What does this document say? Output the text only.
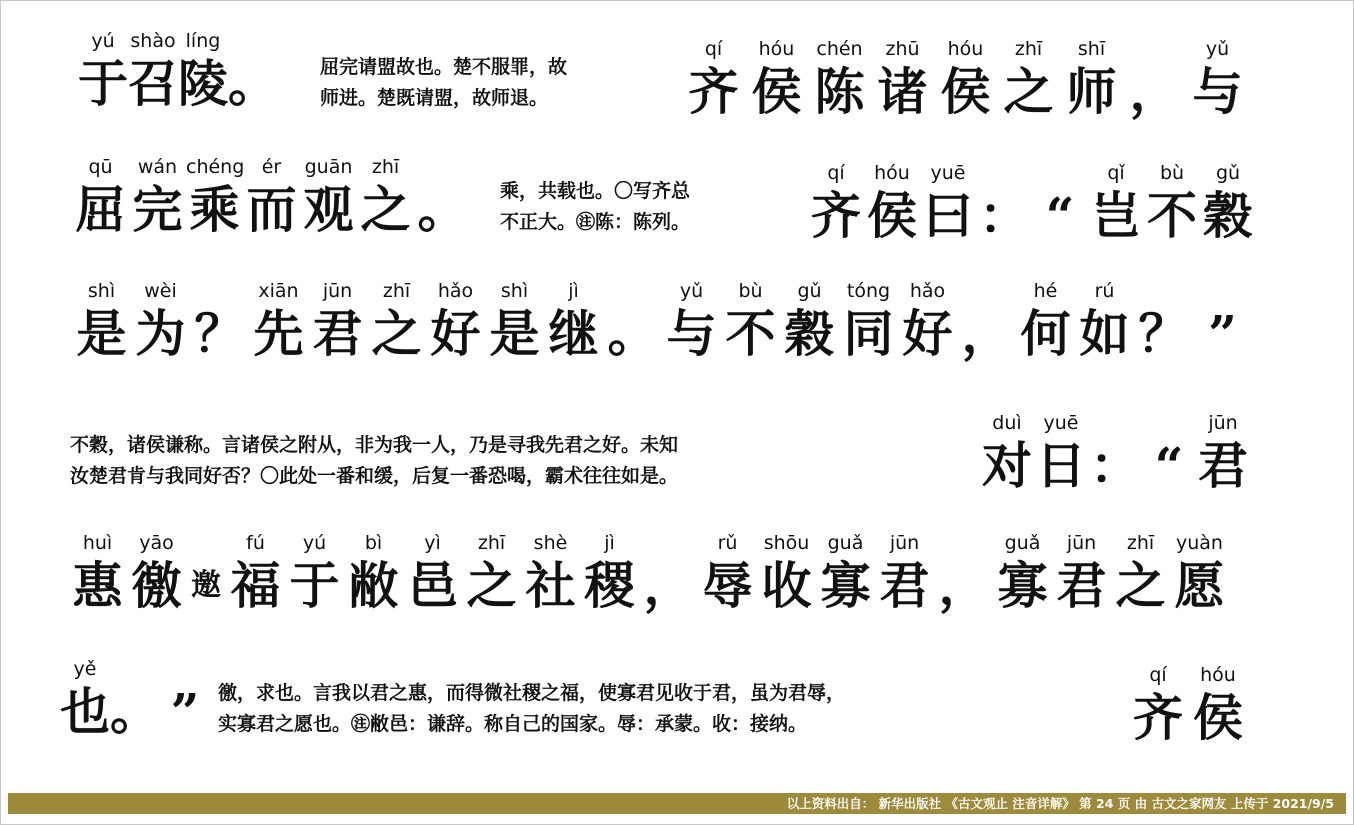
yú shào líng
于 召 陵 。 屈完请盟故也。楚不服罪，故
师进。楚既请盟，故师退。
qí	hóu	chén	zhū	hóu	zhī	shī	yǔ
齐 侯 陈 诸 侯 之 师 ， 与
qū	wán chéng ér	guān	zhī
屈 完 乘 而 观 之 。 乘，共载也。〇写齐总
不正大。㊟陈：陈列。
qí	hóu	yuē	qǐ	bù	gǔ
齐 侯 曰 ： “ 岂 不 穀
shì	wèi	xiān	jūn	zhī	hǎo	shì	jì	yǔ	bù	gǔ	tóng	hǎo	hé	rú
是 为 ？ 先 君 之 好 是 继 。 与 不 穀 同 好 ， 何 如 ？ ”
不穀，诸侯谦称。言诸侯之附从，非为我一人，乃是寻我先君之好。未知
汝楚君肯与我同好否？〇此处一番和缓，后复一番恐喝，霸术往往如是。
duì	yuē	jūn
对 日 ： “ 君
huì	yāo	fú	yú	bì	yì	zhī	shè	jì	rǔ	shōu guǎ	jūn	guǎ	jūn	zhī	yuàn
惠 徼 邀 福 于 敝 邑 之 社 稷 ， 辱 收 寡 君 ， 寡 君 之 愿
yě
也 。 ” 徼，求也。言我以君之惠，而得微社稷之福，使寡君见收于君，虽为君辱，
实寡君之愿也。㊟敝邑：谦辞。称自己的国家。辱：承蒙。收：接纳。
qí	hóu
齐 侯
以上资料出自： 新华出版社 《古文观止 注音详解》 第 24 页 由 古文之家网友 上传于 2021/9/5
